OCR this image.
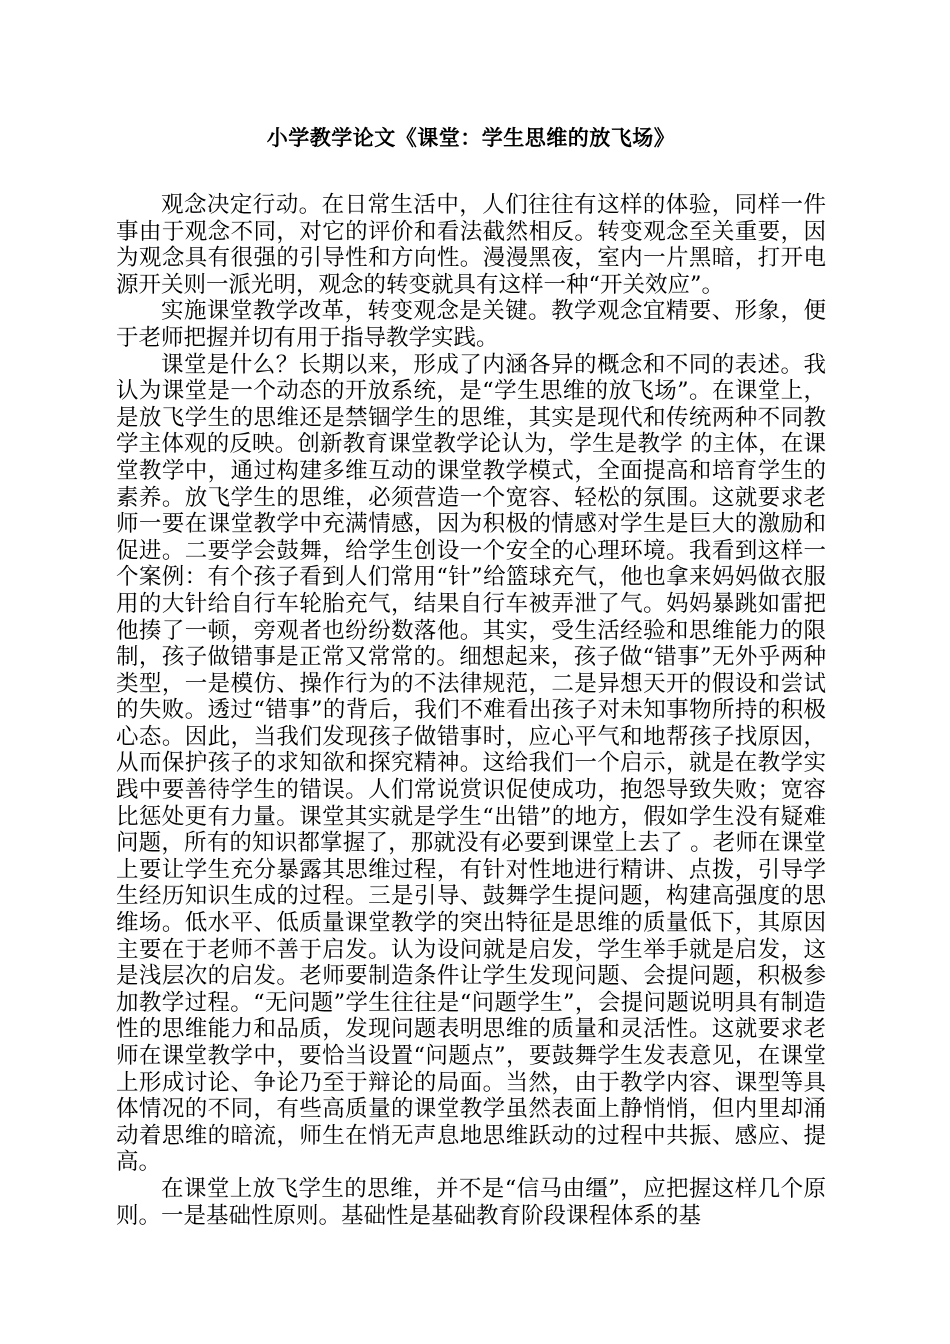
小学教学论文《课堂：学生思维的放飞场》

观念决定行动。在日常生活中，人们往往有这样的体验，同样一件事由于观念不同，对它的评价和看法截然相反。转变观念至关重要，因为观念具有很强的引导性和方向性。漫漫黑夜，室内一片黑暗，打开电源开关则一派光明，观念的转变就具有这样一种“开关效应”。

实施课堂教学改革，转变观念是关键。教学观念宜精要、形象，便于老师把握并切有用于指导教学实践。

课堂是什么？长期以来，形成了内涵各异的概念和不同的表述。我认为课堂是一个动态的开放系统，是“学生思维的放飞场”。在课堂上，是放飞学生的思维还是禁锢学生的思维，其实是现代和传统两种不同教学主体观的反映。创新教育课堂教学论认为，学生是教学 的主体，在课堂教学中，通过构建多维互动的课堂教学模式，全面提高和培育学生的素养。放飞学生的思维，必须营造一个宽容、轻松的氛围。这就要求老师一要在课堂教学中充满情感，因为积极的情感对学生是巨大的激励和促进。二要学会鼓舞，给学生创设一个安全的心理环境。我看到这样一个案例：有个孩子看到人们常用“针”给篮球充气，他也拿来妈妈做衣服用的大针给自行车轮胎充气，结果自行车被弄泄了气。妈妈暴跳如雷把他揍了一顿，旁观者也纷纷数落他。其实，受生活经验和思维能力的限制，孩子做错事是正常又常常的。细想起来，孩子做“错事”无外乎两种类型，一是模仿、操作行为的不法律规范，二是异想天开的假设和尝试的失败。透过“错事”的背后，我们不难看出孩子对未知事物所持的积极心态。因此，当我们发现孩子做错事时，应心平气和地帮孩子找原因，从而保护孩子的求知欲和探究精神。这给我们一个启示，就是在教学实践中要善待学生的错误。人们常说赏识促使成功，抱怨导致失败；宽容比惩处更有力量。课堂其实就是学生“出错”的地方，假如学生没有疑难问题，所有的知识都掌握了，那就没有必要到课堂上去了 。老师在课堂上要让学生充分暴露其思维过程，有针对性地进行精讲、点拨，引导学生经历知识生成的过程。三是引导、鼓舞学生提问题，构建高强度的思维场。低水平、低质量课堂教学的突出特征是思维的质量低下，其原因主要在于老师不善于启发。认为设问就是启发，学生举手就是启发，这是浅层次的启发。老师要制造条件让学生发现问题、会提问题，积极参加教学过程。“无问题”学生往往是“问题学生”，会提问题说明具有制造性的思维能力和品质，发现问题表明思维的质量和灵活性。这就要求老师在课堂教学中，要恰当设置“问题点”，要鼓舞学生发表意见，在课堂上形成讨论、争论乃至于辩论的局面。当然，由于教学内容、课型等具体情况的不同，有些高质量的课堂教学虽然表面上静悄悄，但内里却涌动着思维的暗流，师生在悄无声息地思维跃动的过程中共振、感应、提高。

在课堂上放飞学生的思维，并不是“信马由缰”，应把握这样几个原则。一是基础性原则。基础性是基础教育阶段课程体系的基
